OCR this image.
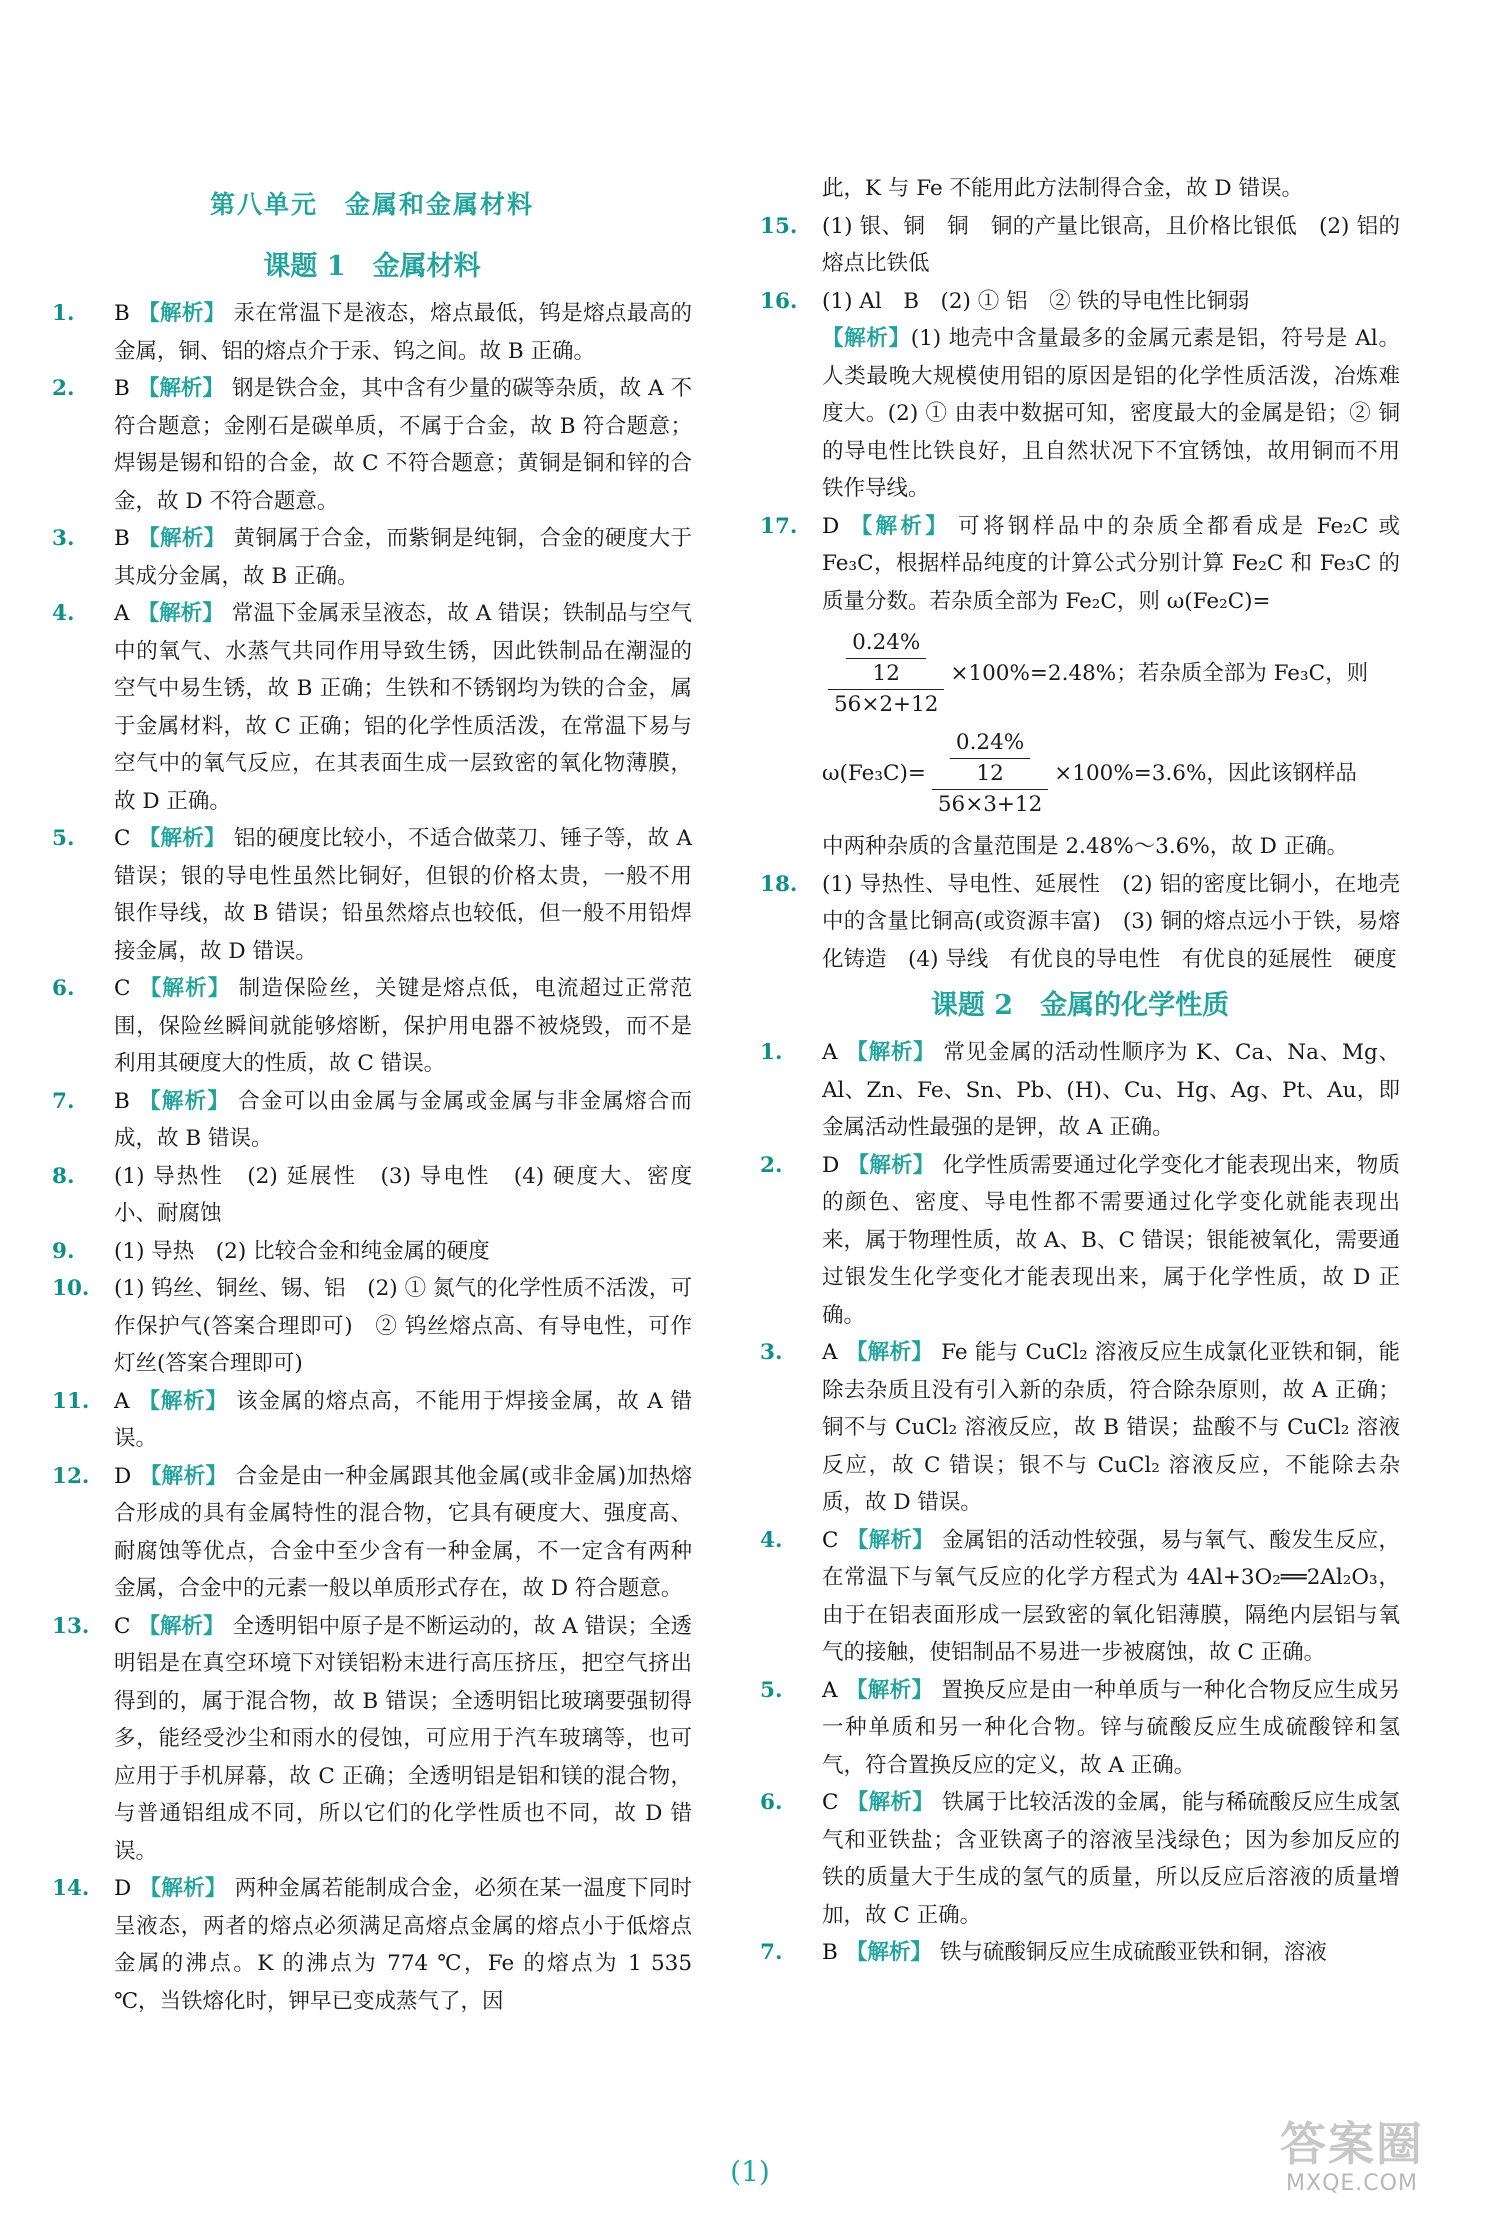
第八单元　金属和金属材料
课题 1　金属材料
1. B 【解析】 汞在常温下是液态，熔点最低，钨是熔点最高的金属，铜、铝的熔点介于汞、钨之间。故 B 正确。
2. B 【解析】 钢是铁合金，其中含有少量的碳等杂质，故 A 不符合题意；金刚石是碳单质，不属于合金，故 B 符合题意；焊锡是锡和铅的合金，故 C 不符合题意；黄铜是铜和锌的合金，故 D 不符合题意。
3. B 【解析】 黄铜属于合金，而紫铜是纯铜，合金的硬度大于其成分金属，故 B 正确。
4. A 【解析】 常温下金属汞呈液态，故 A 错误；铁制品与空气中的氧气、水蒸气共同作用导致生锈，因此铁制品在潮湿的空气中易生锈，故 B 正确；生铁和不锈钢均为铁的合金，属于金属材料，故 C 正确；铝的化学性质活泼，在常温下易与空气中的氧气反应，在其表面生成一层致密的氧化物薄膜，故 D 正确。
5. C 【解析】 铝的硬度比较小，不适合做菜刀、锤子等，故 A 错误；银的导电性虽然比铜好，但银的价格太贵，一般不用银作导线，故 B 错误；铅虽然熔点也较低，但一般不用铅焊接金属，故 D 错误。
6. C 【解析】 制造保险丝，关键是熔点低，电流超过正常范围，保险丝瞬间就能够熔断，保护用电器不被烧毁，而不是利用其硬度大的性质，故 C 错误。
7. B 【解析】 合金可以由金属与金属或金属与非金属熔合而成，故 B 错误。
8. (1) 导热性　(2) 延展性　(3) 导电性　(4) 硬度大、密度小、耐腐蚀
9. (1) 导热　(2) 比较合金和纯金属的硬度
10. (1) 钨丝、铜丝、锡、铝　(2) ① 氮气的化学性质不活泼，可作保护气(答案合理即可)　② 钨丝熔点高、有导电性，可作灯丝(答案合理即可)
11. A 【解析】 该金属的熔点高，不能用于焊接金属，故 A 错误。
12. D 【解析】 合金是由一种金属跟其他金属(或非金属)加热熔合形成的具有金属特性的混合物，它具有硬度大、强度高、耐腐蚀等优点，合金中至少含有一种金属，不一定含有两种金属，合金中的元素一般以单质形式存在，故 D 符合题意。
13. C 【解析】 全透明铝中原子是不断运动的，故 A 错误；全透明铝是在真空环境下对镁铝粉末进行高压挤压，把空气挤出得到的，属于混合物，故 B 错误；全透明铝比玻璃要强韧得多，能经受沙尘和雨水的侵蚀，可应用于汽车玻璃等，也可应用于手机屏幕，故 C 正确；全透明铝是铝和镁的混合物，与普通铝组成不同，所以它们的化学性质也不同，故 D 错误。
14. D 【解析】 两种金属若能制成合金，必须在某一温度下同时呈液态，两者的熔点必须满足高熔点金属的熔点小于低熔点金属的沸点。K 的沸点为 774 ℃，Fe 的熔点为 1 535 ℃，当铁熔化时，钾早已变成蒸气了，因
此，K 与 Fe 不能用此方法制得合金，故 D 错误。
15. (1) 银、铜　铜　铜的产量比银高，且价格比银低　(2) 铝的熔点比铁低
16. (1) Al　B　(2) ① 铝　② 铁的导电性比铜弱
【解析】(1) 地壳中含量最多的金属元素是铝，符号是 Al。人类最晚大规模使用铝的原因是铝的化学性质活泼，冶炼难度大。(2) ① 由表中数据可知，密度最大的金属是铅；② 铜的导电性比铁良好，且自然状况下不宜锈蚀，故用铜而不用铁作导线。
17. D 【解析】 可将钢样品中的杂质全都看成是 Fe₂C 或 Fe₃C，根据样品纯度的计算公式分别计算 Fe₂C 和 Fe₃C 的质量分数。若杂质全部为 Fe₂C，则 ω(Fe₂C)=
$\frac{\frac{0.24\%}{12}}{56\times 2+12} \times 100\%=2.48\%$；若杂质全部为 Fe₃C，则
$\omega(Fe_3C)= \frac{\frac{0.24\%}{12}}{56\times 3+12} \times 100\%=3.6\%$，因此该钢样品
中两种杂质的含量范围是 2.48%～3.6%，故 D 正确。
18. (1) 导热性、导电性、延展性　(2) 铝的密度比铜小，在地壳中的含量比铜高(或资源丰富)　(3) 铜的熔点远小于铁，易熔化铸造　(4) 导线　有优良的导电性　有优良的延展性　硬度
课题 2　金属的化学性质
1. A 【解析】 常见金属的活动性顺序为 K、Ca、Na、Mg、Al、Zn、Fe、Sn、Pb、(H)、Cu、Hg、Ag、Pt、Au，即金属活动性最强的是钾，故 A 正确。
2. D 【解析】 化学性质需要通过化学变化才能表现出来，物质的颜色、密度、导电性都不需要通过化学变化就能表现出来，属于物理性质，故 A、B、C 错误；银能被氧化，需要通过银发生化学变化才能表现出来，属于化学性质，故 D 正确。
3. A 【解析】 Fe 能与 CuCl₂ 溶液反应生成氯化亚铁和铜，能除去杂质且没有引入新的杂质，符合除杂原则，故 A 正确；铜不与 CuCl₂ 溶液反应，故 B 错误；盐酸不与 CuCl₂ 溶液反应，故 C 错误；银不与 CuCl₂ 溶液反应，不能除去杂质，故 D 错误。
4. C 【解析】 金属铝的活动性较强，易与氧气、酸发生反应，在常温下与氧气反应的化学方程式为 4Al+3O₂══2Al₂O₃，由于在铝表面形成一层致密的氧化铝薄膜，隔绝内层铝与氧气的接触，使铝制品不易进一步被腐蚀，故 C 正确。
5. A 【解析】 置换反应是由一种单质与一种化合物反应生成另一种单质和另一种化合物。锌与硫酸反应生成硫酸锌和氢气，符合置换反应的定义，故 A 正确。
6. C 【解析】 铁属于比较活泼的金属，能与稀硫酸反应生成氢气和亚铁盐；含亚铁离子的溶液呈浅绿色；因为参加反应的铁的质量大于生成的氢气的质量，所以反应后溶液的质量增加，故 C 正确。
7. B 【解析】 铁与硫酸铜反应生成硫酸亚铁和铜，溶液
( 1 )
答案圈
MXQE.COM
